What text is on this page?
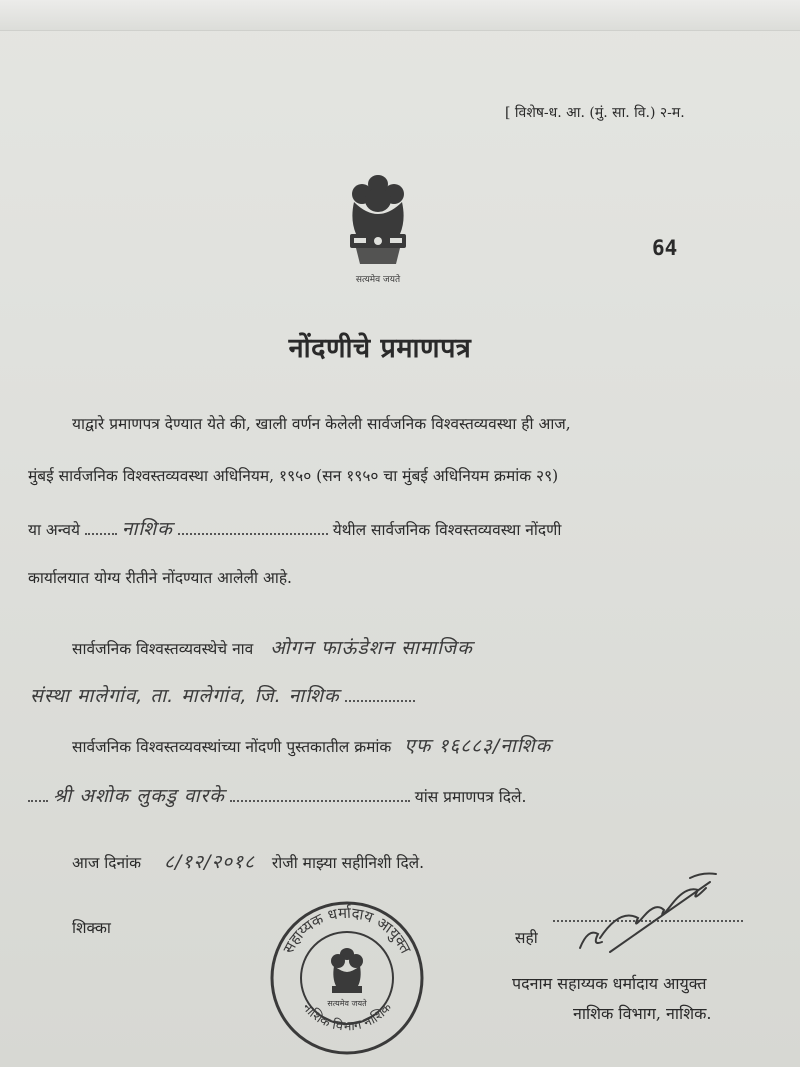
[ विशेष-ध. आ. (मुं. सा. वि.) २-म.
64
सत्यमेव जयते
नोंदणीचे प्रमाणपत्र
याद्वारे प्रमाणपत्र देण्यात येते की, खाली वर्णन केलेली सार्वजनिक विश्वस्तव्यवस्था ही आज,
मुंबई सार्वजनिक विश्वस्तव्यवस्था अधिनियम, १९५० (सन १९५० चा मुंबई अधिनियम क्रमांक २९)
या अन्वये नाशिक	येथील सार्वजनिक विश्वस्तव्यवस्था नोंदणी
कार्यालयात योग्य रीतीने नोंदण्यात आलेली आहे.
सार्वजनिक विश्वस्तव्यवस्थेचे नाव ओगन फाऊंडेशन सामाजिक
संस्था मालेगांव, ता. मालेगांव, जि. नाशिक
सार्वजनिक विश्वस्तव्यवस्थांच्या नोंदणी पुस्तकातील क्रमांक एफ १६८८३/नाशिक
श्री अशोक लुकडु वारके	यांस प्रमाणपत्र दिले.
आज दिनांक ८/१२/२०१८ रोजी माझ्या सहीनिशी दिले.
शिक्का
सहाय्यक धर्मादाय आयुक्त
नाशिक विभाग नाशिक
सत्यमेव जयते
सही
पदनाम सहाय्यक धर्मादाय आयुक्त
नाशिक विभाग, नाशिक.
